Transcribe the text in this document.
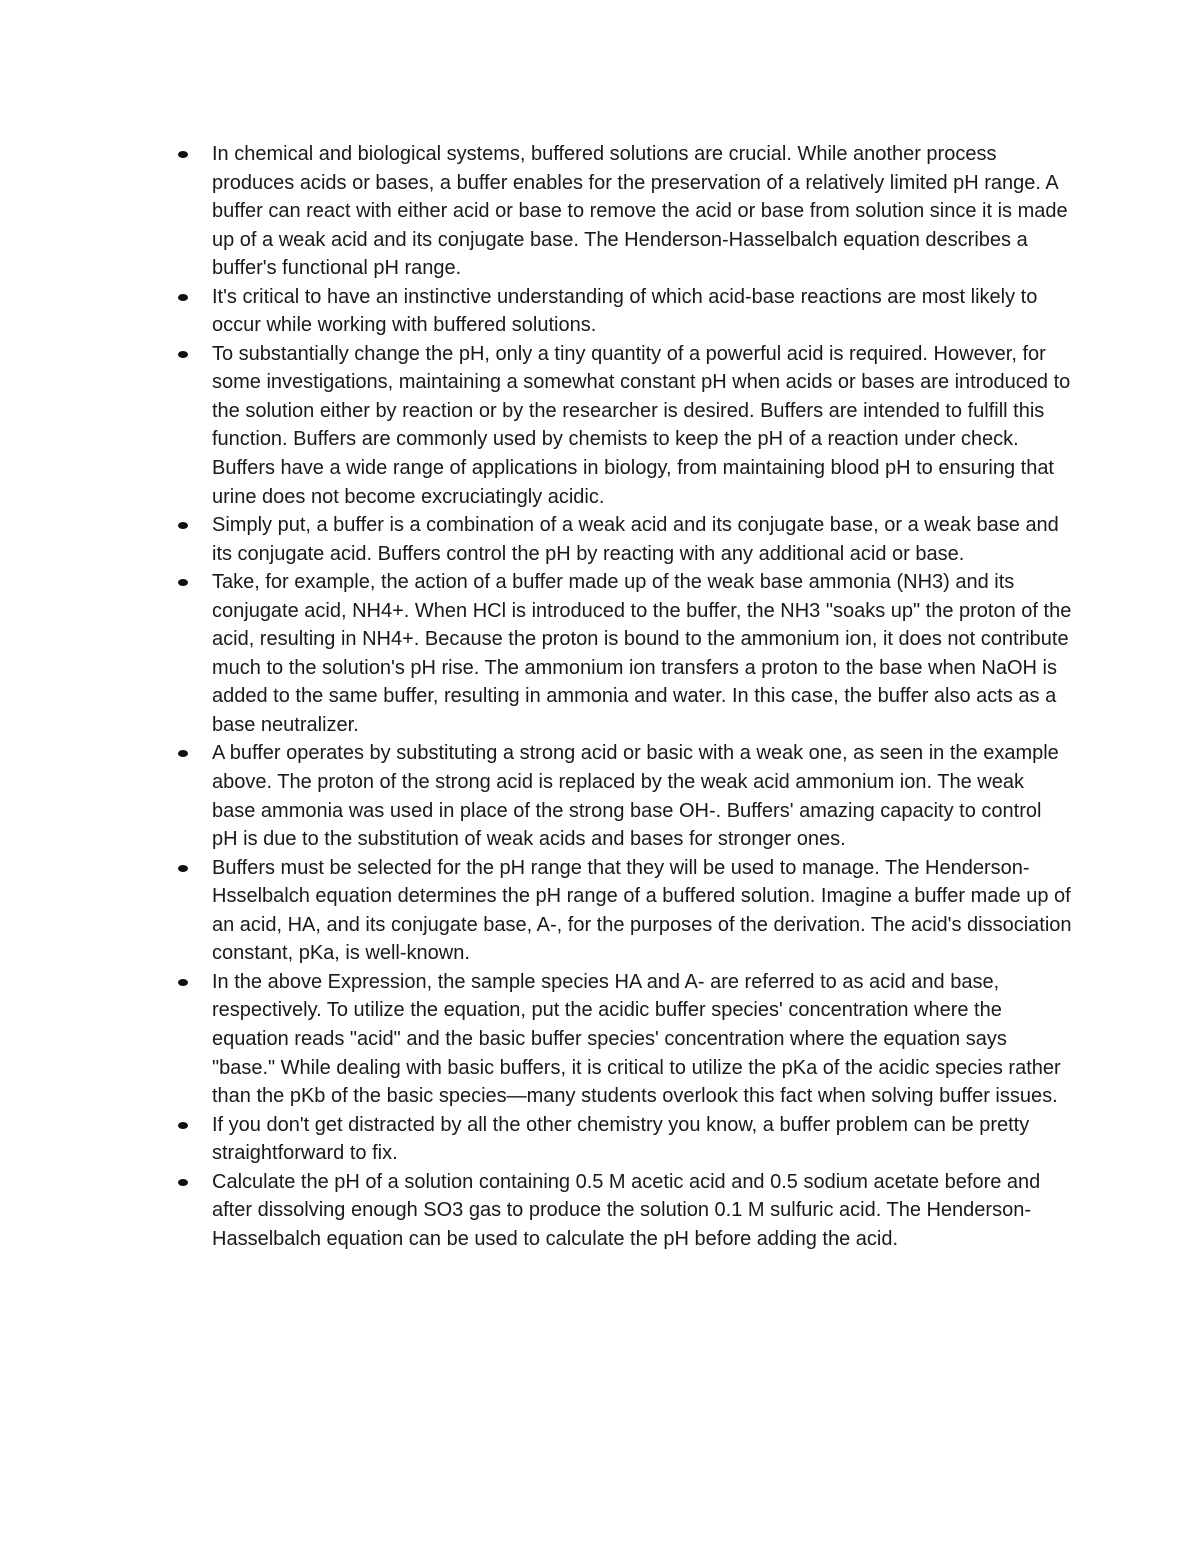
In chemical and biological systems, buffered solutions are crucial. While another process produces acids or bases, a buffer enables for the preservation of a relatively limited pH range. A buffer can react with either acid or base to remove the acid or base from solution since it is made up of a weak acid and its conjugate base. The Henderson-Hasselbalch equation describes a buffer's functional pH range.
It's critical to have an instinctive understanding of which acid-base reactions are most likely to occur while working with buffered solutions.
To substantially change the pH, only a tiny quantity of a powerful acid is required. However, for some investigations, maintaining a somewhat constant pH when acids or bases are introduced to the solution either by reaction or by the researcher is desired. Buffers are intended to fulfill this function. Buffers are commonly used by chemists to keep the pH of a reaction under check. Buffers have a wide range of applications in biology, from maintaining blood pH to ensuring that urine does not become excruciatingly acidic.
Simply put, a buffer is a combination of a weak acid and its conjugate base, or a weak base and its conjugate acid. Buffers control the pH by reacting with any additional acid or base.
Take, for example, the action of a buffer made up of the weak base ammonia (NH3) and its conjugate acid, NH4+. When HCl is introduced to the buffer, the NH3 "soaks up" the proton of the acid, resulting in NH4+. Because the proton is bound to the ammonium ion, it does not contribute much to the solution's pH rise. The ammonium ion transfers a proton to the base when NaOH is added to the same buffer, resulting in ammonia and water. In this case, the buffer also acts as a base neutralizer.
A buffer operates by substituting a strong acid or basic with a weak one, as seen in the example above. The proton of the strong acid is replaced by the weak acid ammonium ion. The weak base ammonia was used in place of the strong base OH-. Buffers' amazing capacity to control pH is due to the substitution of weak acids and bases for stronger ones.
Buffers must be selected for the pH range that they will be used to manage. The Henderson-Hsselbalch equation determines the pH range of a buffered solution. Imagine a buffer made up of an acid, HA, and its conjugate base, A-, for the purposes of the derivation. The acid's dissociation constant, pKa, is well-known.
In the above Expression, the sample species HA and A- are referred to as acid and base, respectively. To utilize the equation, put the acidic buffer species' concentration where the equation reads "acid" and the basic buffer species' concentration where the equation says "base." While dealing with basic buffers, it is critical to utilize the pKa of the acidic species rather than the pKb of the basic species—many students overlook this fact when solving buffer issues.
If you don't get distracted by all the other chemistry you know, a buffer problem can be pretty straightforward to fix.
Calculate the pH of a solution containing 0.5 M acetic acid and 0.5 sodium acetate before and after dissolving enough SO3 gas to produce the solution 0.1 M sulfuric acid. The Henderson-Hasselbalch equation can be used to calculate the pH before adding the acid.
